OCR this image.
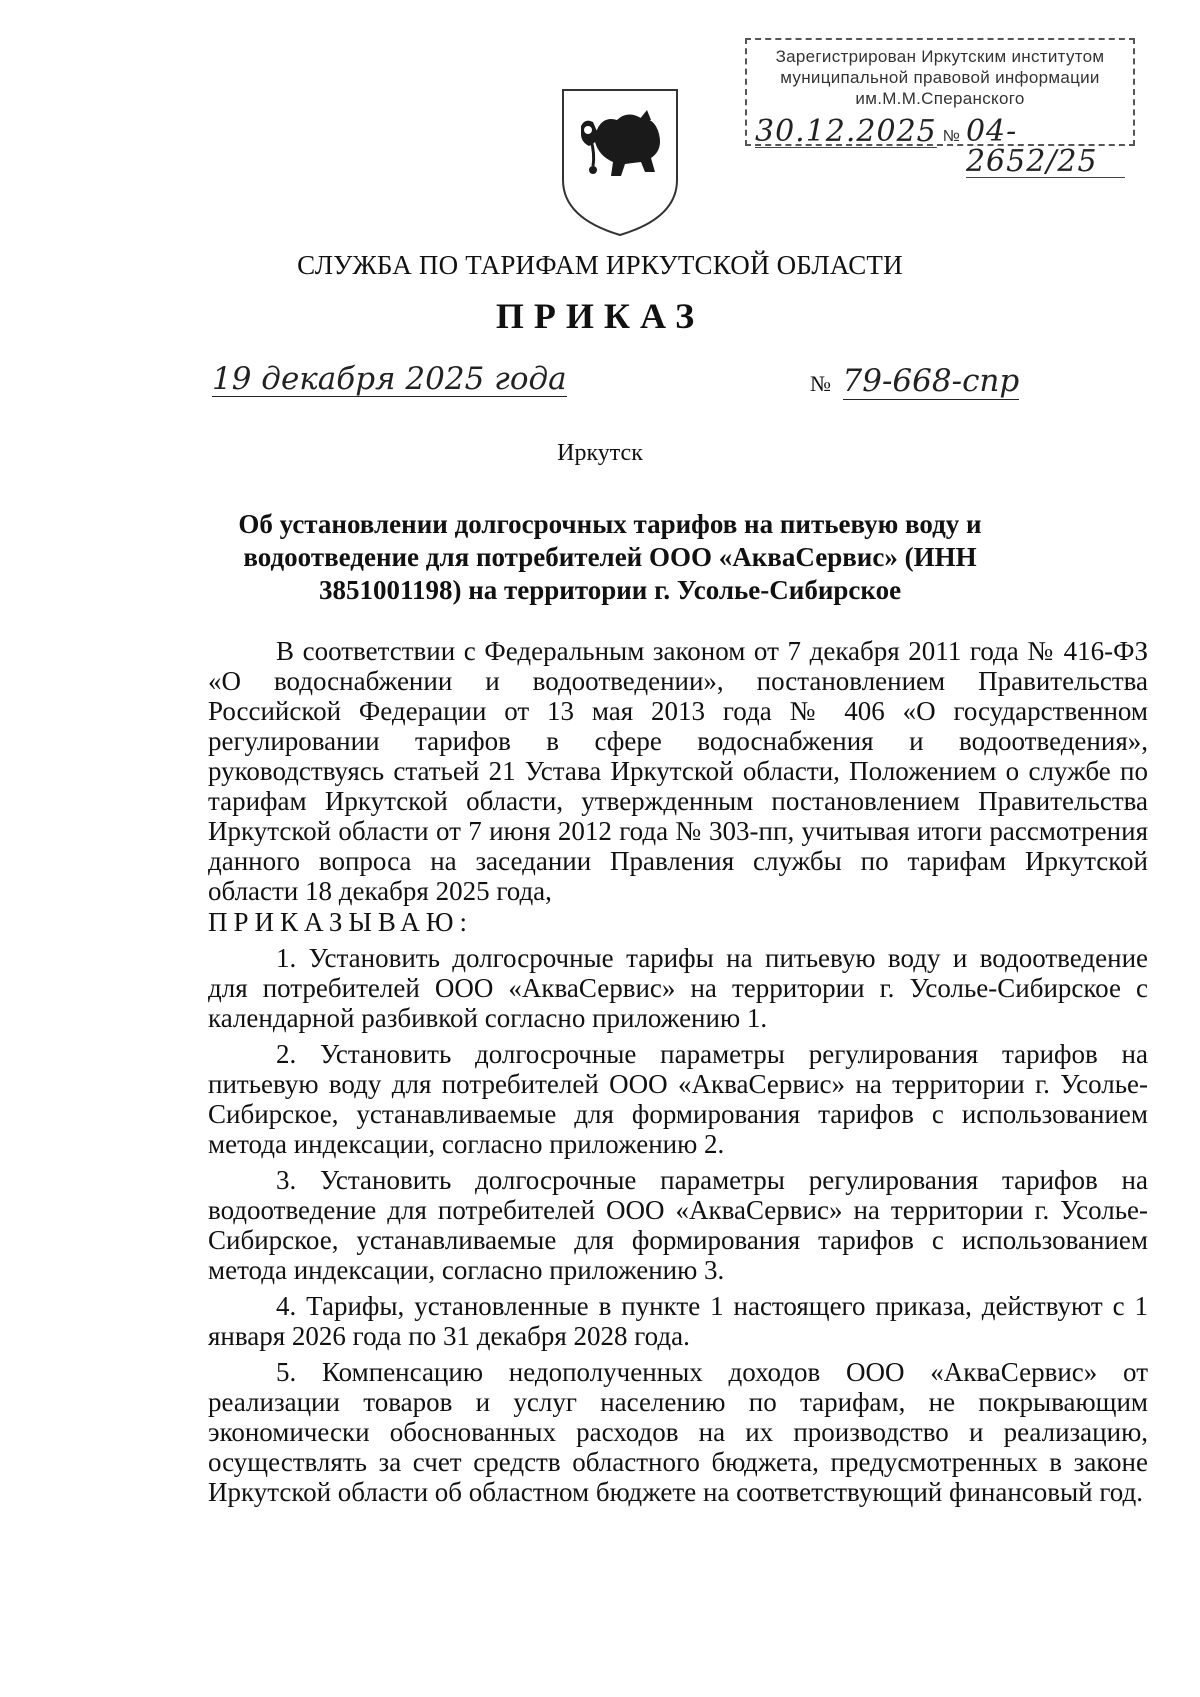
Зарегистрирован Иркутским институтом
муниципальной правовой информации
им.М.М.Сперанского
30.12.2025 № 04-2652/25
СЛУЖБА ПО ТАРИФАМ ИРКУТСКОЙ ОБЛАСТИ
ПРИКАЗ
19 декабря 2025 года	№ 79-668-спр
Иркутск
Об установлении долгосрочных тарифов на питьевую воду и водоотведение для потребителей ООО «АкваСервис» (ИНН 3851001198) на территории г. Усолье-Сибирское

В соответствии с Федеральным законом от 7 декабря 2011 года № 416-ФЗ «О водоснабжении и водоотведении», постановлением Правительства Российской Федерации от 13 мая 2013 года № 406 «О государственном регулировании тарифов в сфере водоснабжения и водоотведения», руководствуясь статьей 21 Устава Иркутской области, Положением о службе по тарифам Иркутской области, утвержденным постановлением Правительства Иркутской области от 7 июня 2012 года № 303-пп, учитывая итоги рассмотрения данного вопроса на заседании Правления службы по тарифам Иркутской области 18 декабря 2025 года,

ПРИКАЗЫВАЮ:

1. Установить долгосрочные тарифы на питьевую воду и водоотведение для потребителей ООО «АкваСервис» на территории г. Усолье-Сибирское с календарной разбивкой согласно приложению 1.

2. Установить долгосрочные параметры регулирования тарифов на питьевую воду для потребителей ООО «АкваСервис» на территории г. Усолье-Сибирское, устанавливаемые для формирования тарифов с использованием метода индексации, согласно приложению 2.

3. Установить долгосрочные параметры регулирования тарифов на водоотведение для потребителей ООО «АкваСервис» на территории г. Усолье-Сибирское, устанавливаемые для формирования тарифов с использованием метода индексации, согласно приложению 3.

4. Тарифы, установленные в пункте 1 настоящего приказа, действуют с 1 января 2026 года по 31 декабря 2028 года.

5. Компенсацию недополученных доходов ООО «АкваСервис» от реализации товаров и услуг населению по тарифам, не покрывающим экономически обоснованных расходов на их производство и реализацию, осуществлять за счет средств областного бюджета, предусмотренных в законе Иркутской области об областном бюджете на соответствующий финансовый год.
